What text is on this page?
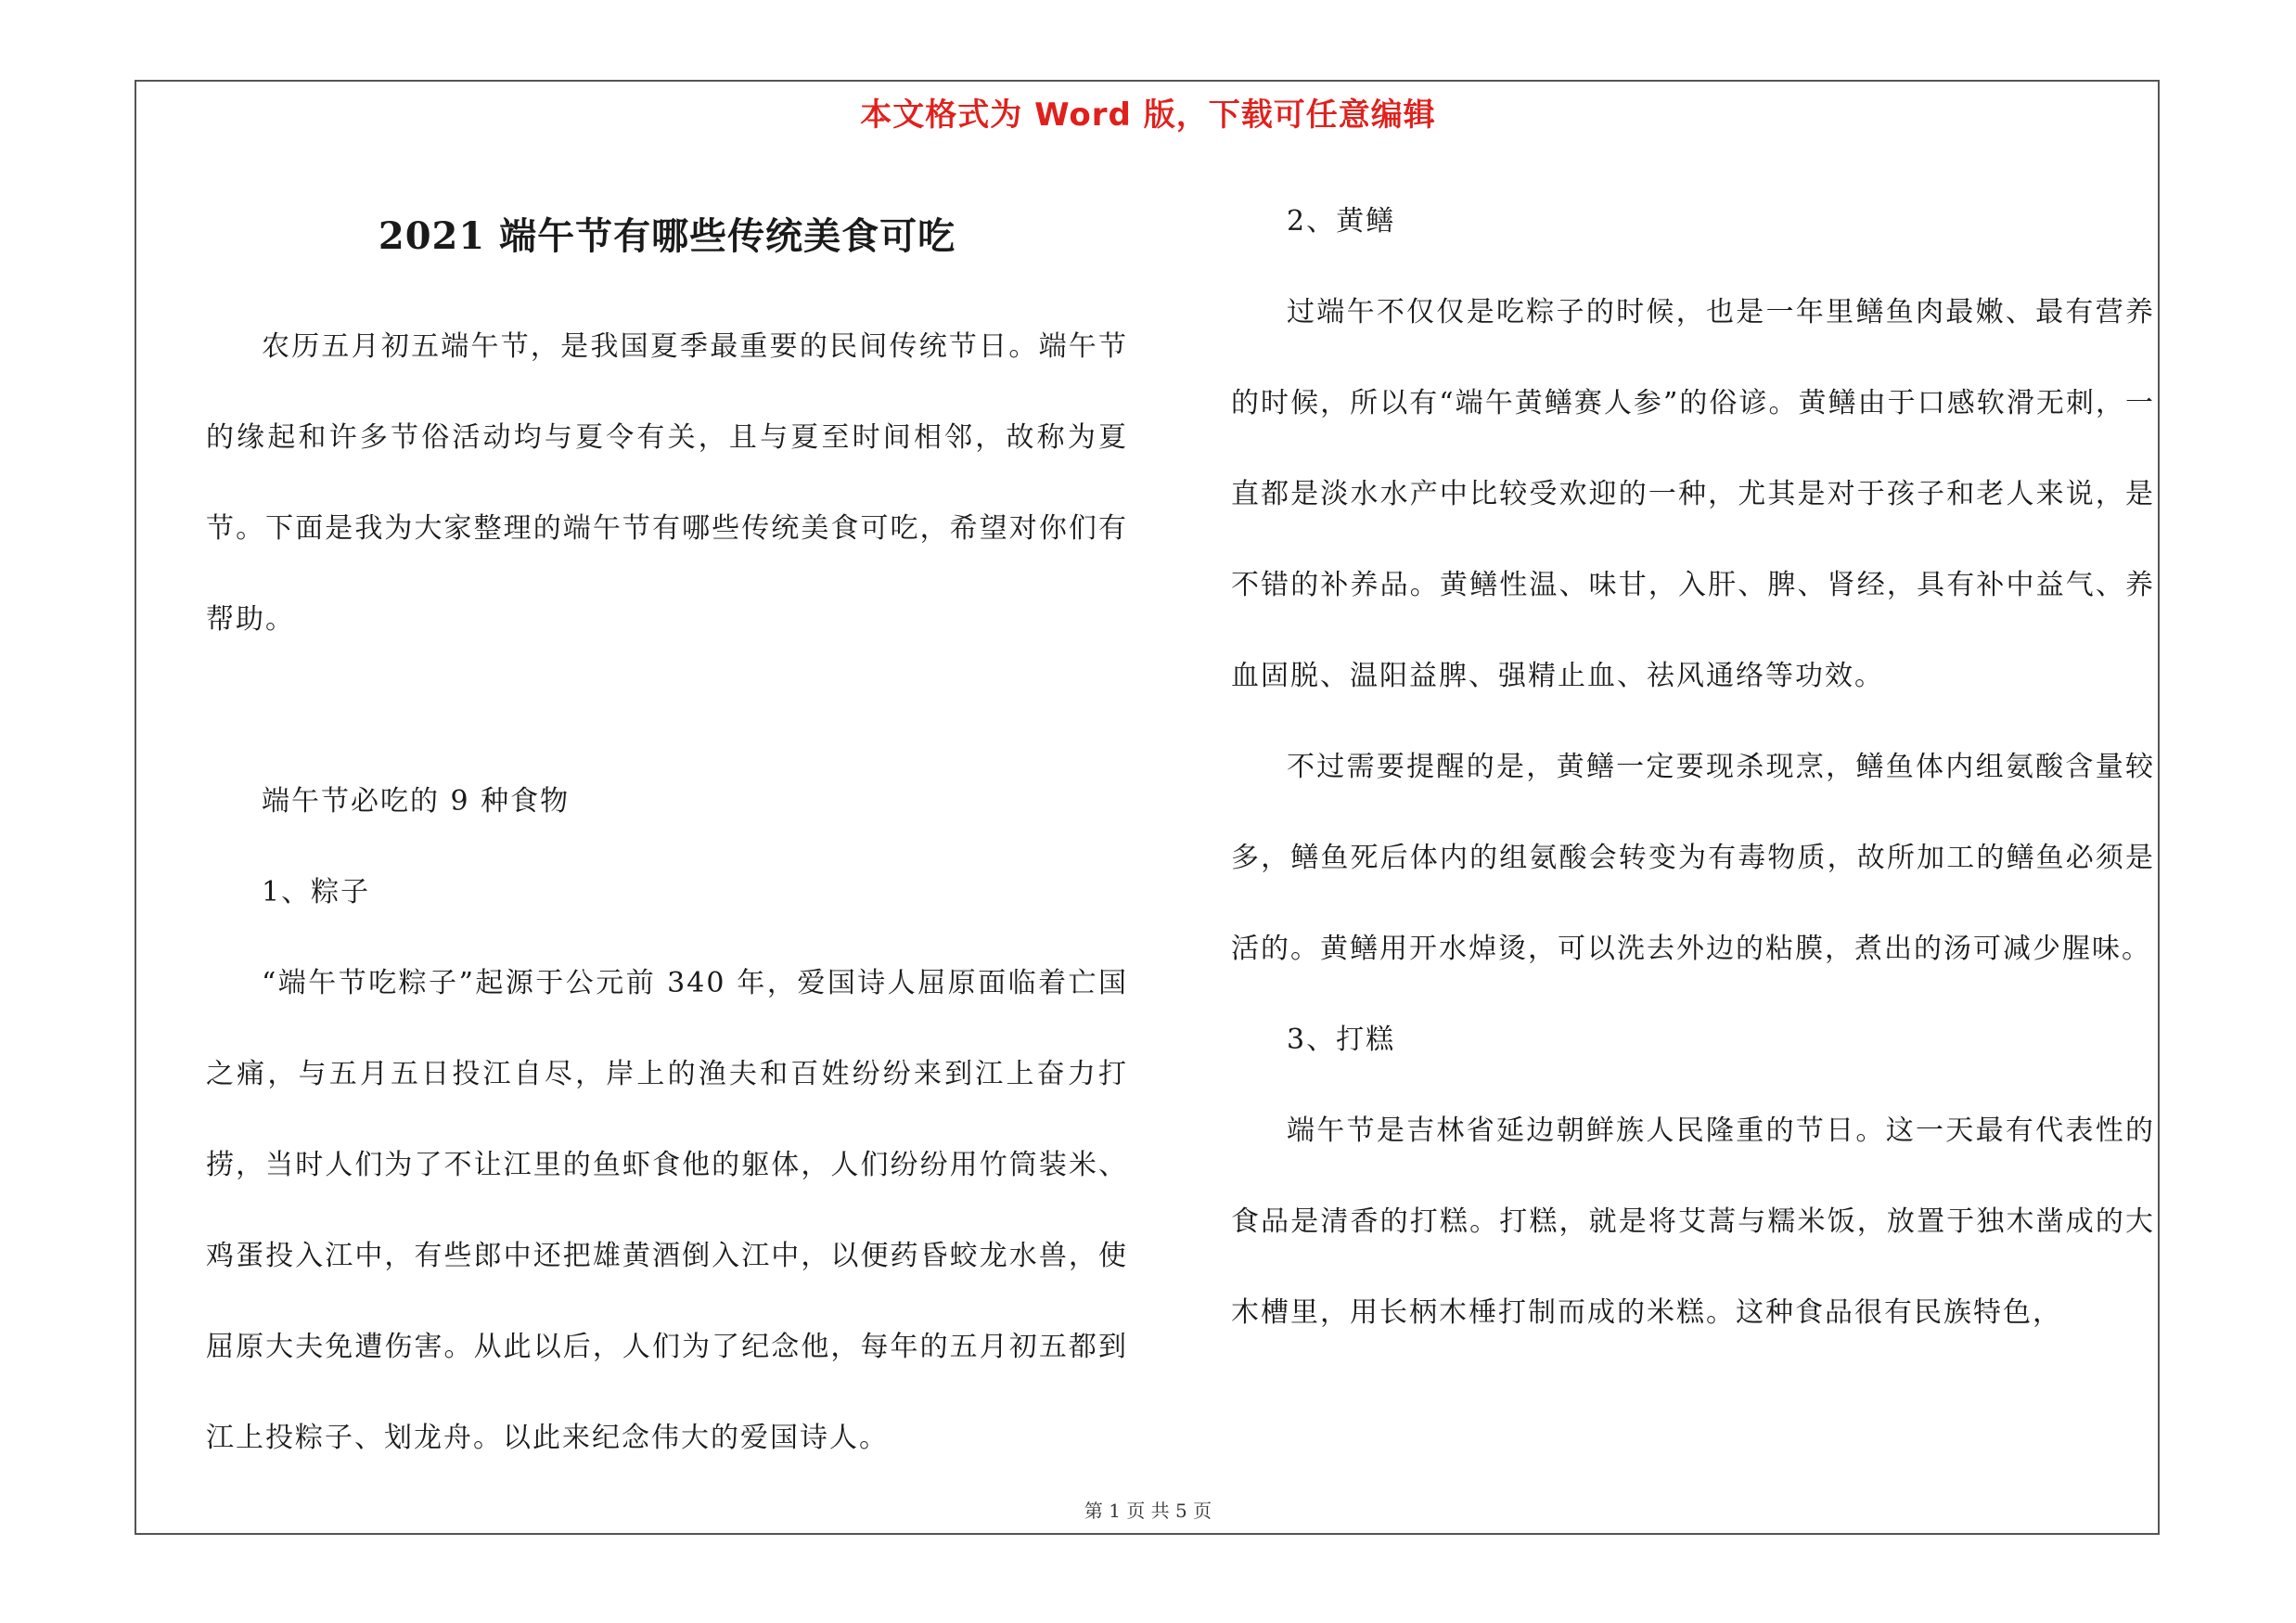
本文格式为 Word 版，下载可任意编辑
2021 端午节有哪些传统美食可吃

农历五月初五端午节，是我国夏季最重要的民间传统节日。端午节的缘起和许多节俗活动均与夏令有关，且与夏至时间相邻，故称为夏节。下面是我为大家整理的端午节有哪些传统美食可吃，希望对你们有帮助。

端午节必吃的 9 种食物

1、粽子

“端午节吃粽子”起源于公元前 340 年，爱国诗人屈原面临着亡国之痛，与五月五日投江自尽，岸上的渔夫和百姓纷纷来到江上奋力打捞，当时人们为了不让江里的鱼虾食他的躯体，人们纷纷用竹筒装米、鸡蛋投入江中，有些郎中还把雄黄酒倒入江中，以便药昏蛟龙水兽，使屈原大夫免遭伤害。从此以后，人们为了纪念他，每年的五月初五都到江上投粽子、划龙舟。以此来纪念伟大的爱国诗人。

2、黄鳝

过端午不仅仅是吃粽子的时候，也是一年里鳝鱼肉最嫩、最有营养的时候，所以有“端午黄鳝赛人参”的俗谚。黄鳝由于口感软滑无刺，一直都是淡水水产中比较受欢迎的一种，尤其是对于孩子和老人来说，是不错的补养品。黄鳝性温、味甘，入肝、脾、肾经，具有补中益气、养血固脱、温阳益脾、强精止血、祛风通络等功效。

不过需要提醒的是，黄鳝一定要现杀现烹，鳝鱼体内组氨酸含量较多，鳝鱼死后体内的组氨酸会转变为有毒物质，故所加工的鳝鱼必须是活的。黄鳝用开水焯烫，可以洗去外边的粘膜，煮出的汤可减少腥味。

3、打糕

端午节是吉林省延边朝鲜族人民隆重的节日。这一天最有代表性的食品是清香的打糕。打糕，就是将艾蒿与糯米饭，放置于独木凿成的大木槽里，用长柄木棰打制而成的米糕。这种食品很有民族特色，

第 1 页 共 5 页
